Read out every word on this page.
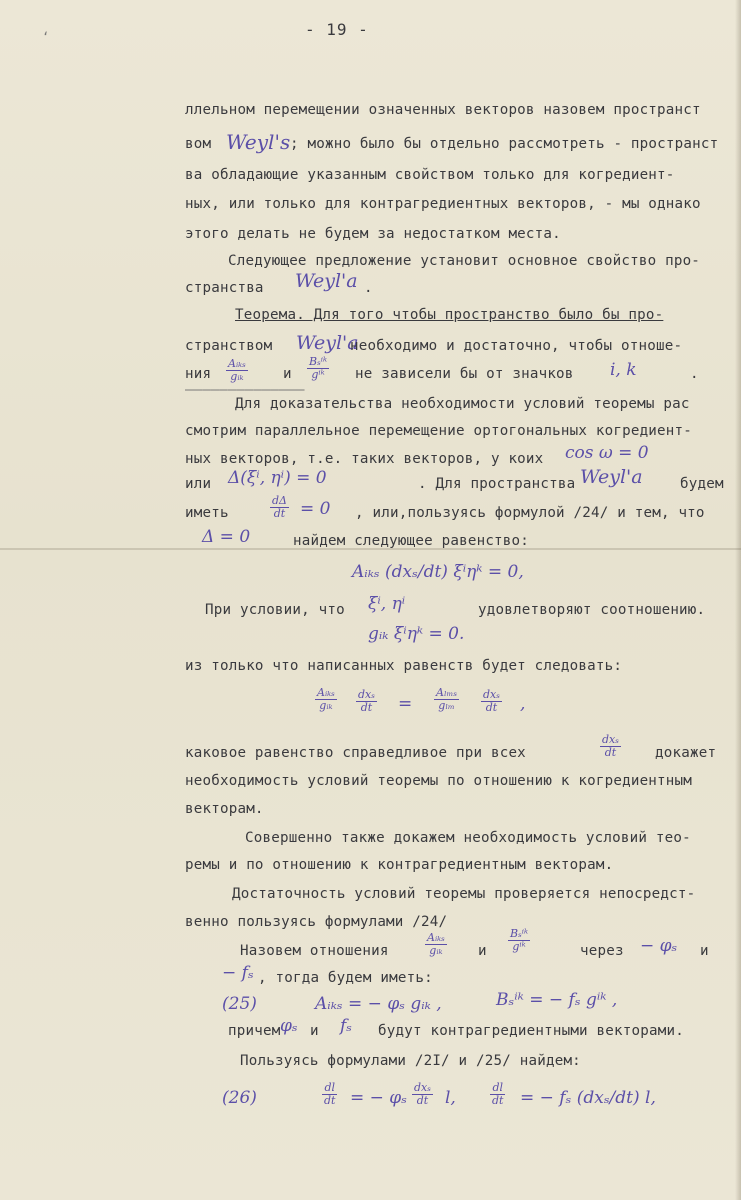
‘	- 19 -
ллельном перемещении означенных векторов назовем пространст
вом Weyl's ; можно было бы отдельно рассмотреть - пространст
ва обладающие указанным свойством только для когредиент-
ных, или только для контрагредиентных векторов, - мы однако
этого делать не будем за недостатком места.
Следующее предложение установит основное свойство про-
странства Weyl'a .
Теорема. Для того чтобы пространство было бы про-
странством Weyl'a
необходимо и достаточно, чтобы отноше-
ния
Aᵢₖₛ
gᵢₖ	и
Bₛⁱᵏ
gⁱᵏ не зависели бы от значков i, k	.
——————————————
Для доказательства необходимости условий теоремы рас
смотрим параллельное перемещение ортогональных когредиент-
ных векторов, т.е. таких векторов, у коих cos ω = 0
или Δ(ξⁱ, ηⁱ) = 0	. Для пространства Weyl'a	будем
иметь	$\frac{d\Delta}{dt} = 0$ , или,пользуясь формулой /24/ и тем, что
Δ = 0	найдем следующее равенство:
Aᵢₖₛ (dxₛ/dt) ξⁱηᵏ = 0,
При условии, что ξⁱ, ηⁱ	удовлетворяют соотношению.
gᵢₖ ξⁱηᵏ = 0.
из только что написанных равенств будет следовать:
Aᵢₖₛ
gᵢₖ
dxₛ
dt =
Aₗₘₛ
gₗₘ
dxₛ
dt ,
каковое равенство справедливое при всех
dxₛ
dt	докажет
необходимость условий теоремы по отношению к когредиентным
векторам.
Совершенно также докажем необходимость условий тео-
ремы и по отношению к контрагредиентным векторам.
Достаточность условий теоремы проверяется непосредст-
венно пользуясь формулами /24/
Назовем отношения
Aᵢₖₛ
gᵢₖ и
Bₛⁱᵏ
gⁱᵏ	через − φₛ и
− fₛ , тогда будем иметь:
(25)	Aᵢₖₛ = − φₛ gᵢₖ ,	Bₛⁱᵏ = − fₛ gⁱᵏ ,
причем φₛ и fₛ будут контрагредиентными векторами.
Пользуясь формулами /2I/ и /25/ найдем:
(26)	$\frac{dl}{dt}$ = − φₛ
dxₛ
dt l,	$\frac{dl}{dt}$ = − fₛ (dxₛ/dt) l,
